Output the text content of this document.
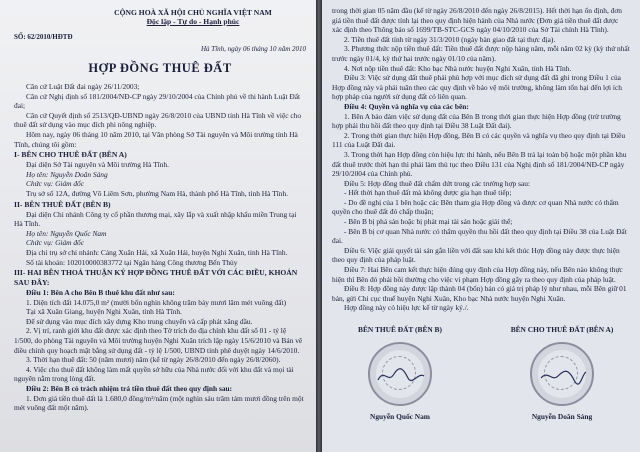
SỐ: 62/2010/HĐTĐ
CỘNG HOÀ XÃ HỘI CHỦ NGHĨA VIỆT NAM
Độc lập - Tự do - Hạnh phúc

Hà Tĩnh, ngày 06 tháng 10 năm 2010

HỢP ĐỒNG THUÊ ĐẤT

Căn cứ Luật Đất đai ngày 26/11/2003;

Căn cứ Nghị định số 181/2004/NĐ-CP ngày 29/10/2004 của Chính phủ về thi hành Luật Đất đai;

Căn cứ Quyết định số 2513/QĐ-UBND ngày 26/8/2010 của UBND tỉnh Hà Tĩnh về việc cho thuê đất sử dụng vào mục đích phi nông nghiệp.

Hôm nay, ngày 06 tháng 10 năm 2010, tại Văn phòng Sở Tài nguyên và Môi trường tỉnh Hà Tĩnh, chúng tôi gồm:

I- BÊN CHO THUÊ ĐẤT (BÊN A)

Đại diện Sở Tài nguyên và Môi trường Hà Tĩnh.

Họ tên: Nguyễn Doãn Sáng

Chức vụ: Giám đốc

Trụ sở số 12A, đường Võ Liêm Sơn, phường Nam Hà, thành phố Hà Tĩnh, tỉnh Hà Tĩnh.

II- BÊN THUÊ ĐẤT (BÊN B)

Đại diện Chi nhánh Công ty cổ phần thương mại, xây lắp và xuất nhập khẩu miền Trung tại Hà Tĩnh.

Họ tên: Nguyễn Quốc Nam

Chức vụ: Giám đốc

Địa chỉ trụ sở chi nhánh: Cảng Xuân Hải, xã Xuân Hải, huyện Nghi Xuân, tỉnh Hà Tĩnh.

Số tài khoản: 102010000383772 tại Ngân hàng Công thương Bến Thủy

III- HAI BÊN THOẢ THUẬN KÝ HỢP ĐỒNG THUÊ ĐẤT VỚI CÁC ĐIỀU, KHOẢN SAU ĐÂY:

Điều 1: Bên A cho Bên B thuê khu đất như sau:

1. Diện tích đất 14.075,0 m² (mười bốn nghìn không trăm bảy mươi lăm mét vuông đất)

Tại xã Xuân Giang, huyện Nghi Xuân, tỉnh Hà Tĩnh.

Để sử dụng vào mục đích xây dựng Kho trung chuyển và cấp phát xăng dầu.

2. Vị trí, ranh giới khu đất được xác định theo Tờ trích đo địa chính khu đất số 01 - tỷ lệ 1/500, do phòng Tài nguyên và Môi trường huyện Nghi Xuân trích lập ngày 15/6/2010 và Bản vẽ điều chỉnh quy hoạch mặt bằng sử dụng đất - tỷ lệ 1/500, UBND tỉnh phê duyệt ngày 14/6/2010.

3. Thời hạn thuê đất: 50 (năm mươi) năm (kể từ ngày 26/8/2010 đến ngày 26/8/2060).

4. Việc cho thuê đất không làm mất quyền sở hữu của Nhà nước đối với khu đất và mọi tài nguyên nằm trong lòng đất.

Điều 2: Bên B có trách nhiệm trả tiền thuê đất theo quy định sau:

1. Đơn giá tiền thuê đất là 1.680,0 đồng/m²/năm (một nghìn sáu trăm tám mươi đồng trên một mét vuông đất một năm).

trong thời gian 05 năm đầu (kể từ ngày 26/8/2010 đến ngày 26/8/2015). Hết thời hạn ổn định, đơn giá tiền thuê đất được tính lại theo quy định hiện hành của Nhà nước (Đơn giá tiền thuê đất được xác định theo Thông báo số 1699/TB-STC-GCS ngày 04/10/2010 của Sở Tài chính Hà Tĩnh).

2. Tiền thuê đất tính từ ngày 31/3/2010 (ngày bàn giao đất tại thực địa).

3. Phương thức nộp tiền thuê đất: Tiền thuê đất được nộp hàng năm, mỗi năm 02 kỳ (kỳ thứ nhất trước ngày 01/4, kỳ thứ hai trước ngày 01/10 của năm).

4. Nơi nộp tiền thuê đất: Kho bạc Nhà nước huyện Nghi Xuân, tỉnh Hà Tĩnh.

Điều 3: Việc sử dụng đất thuê phải phù hợp với mục đích sử dụng đất đã ghi trong Điều 1 của Hợp đồng này và phải tuân theo các quy định về bảo vệ môi trường, không làm tổn hại đến lợi ích hợp pháp của người sử dụng đất có liên quan.

Điều 4: Quyền và nghĩa vụ của các bên:

1. Bên A bảo đảm việc sử dụng đất của Bên B trong thời gian thực hiện Hợp đồng (trừ trường hợp phải thu hồi đất theo quy định tại Điều 38 Luật Đất đai).

2. Trong thời gian thực hiện Hợp đồng, Bên B có các quyền và nghĩa vụ theo quy định tại Điều 111 của Luật Đất đai.

3. Trong thời hạn Hợp đồng còn hiệu lực thi hành, nếu Bên B trả lại toàn bộ hoặc một phần khu đất thuê trước thời hạn thì phải làm thủ tục theo Điều 131 của Nghị định số 181/2004/NĐ-CP ngày 29/10/2004 của Chính phủ.

Điều 5: Hợp đồng thuê đất chấm dứt trong các trường hợp sau:

- Hết thời hạn thuê đất mà không được gia hạn thuê tiếp;

- Do đề nghị của 1 bên hoặc các Bên tham gia Hợp đồng và được cơ quan Nhà nước có thẩm quyền cho thuê đất đó chấp thuận;

- Bên B bị phá sản hoặc bị phát mại tài sản hoặc giải thể;

- Bên B bị cơ quan Nhà nước có thẩm quyền thu hồi đất theo quy định tại Điều 38 của Luật Đất đai.

Điều 6: Việc giải quyết tài sản gắn liền với đất sau khi kết thúc Hợp đồng này được thực hiện theo quy định của pháp luật.

Điều 7: Hai Bên cam kết thực hiện đúng quy định của Hợp đồng này, nếu Bên nào không thực hiện thì Bên đó phải bồi thường cho việc vi phạm Hợp đồng gây ra theo quy định của pháp luật.

Điều 8: Hợp đồng này được lập thành 04 (bốn) bản có giá trị pháp lý như nhau, mỗi Bên giữ 01 bản, gửi Chi cục thuế huyện Nghi Xuân, Kho bạc Nhà nước huyện Nghi Xuân.

Hợp đồng này có hiệu lực kể từ ngày ký./.

BÊN THUÊ ĐẤT (BÊN B)
Nguyễn Quốc Nam
BÊN CHO THUÊ ĐẤT (BÊN A)
Nguyễn Doãn Sáng
